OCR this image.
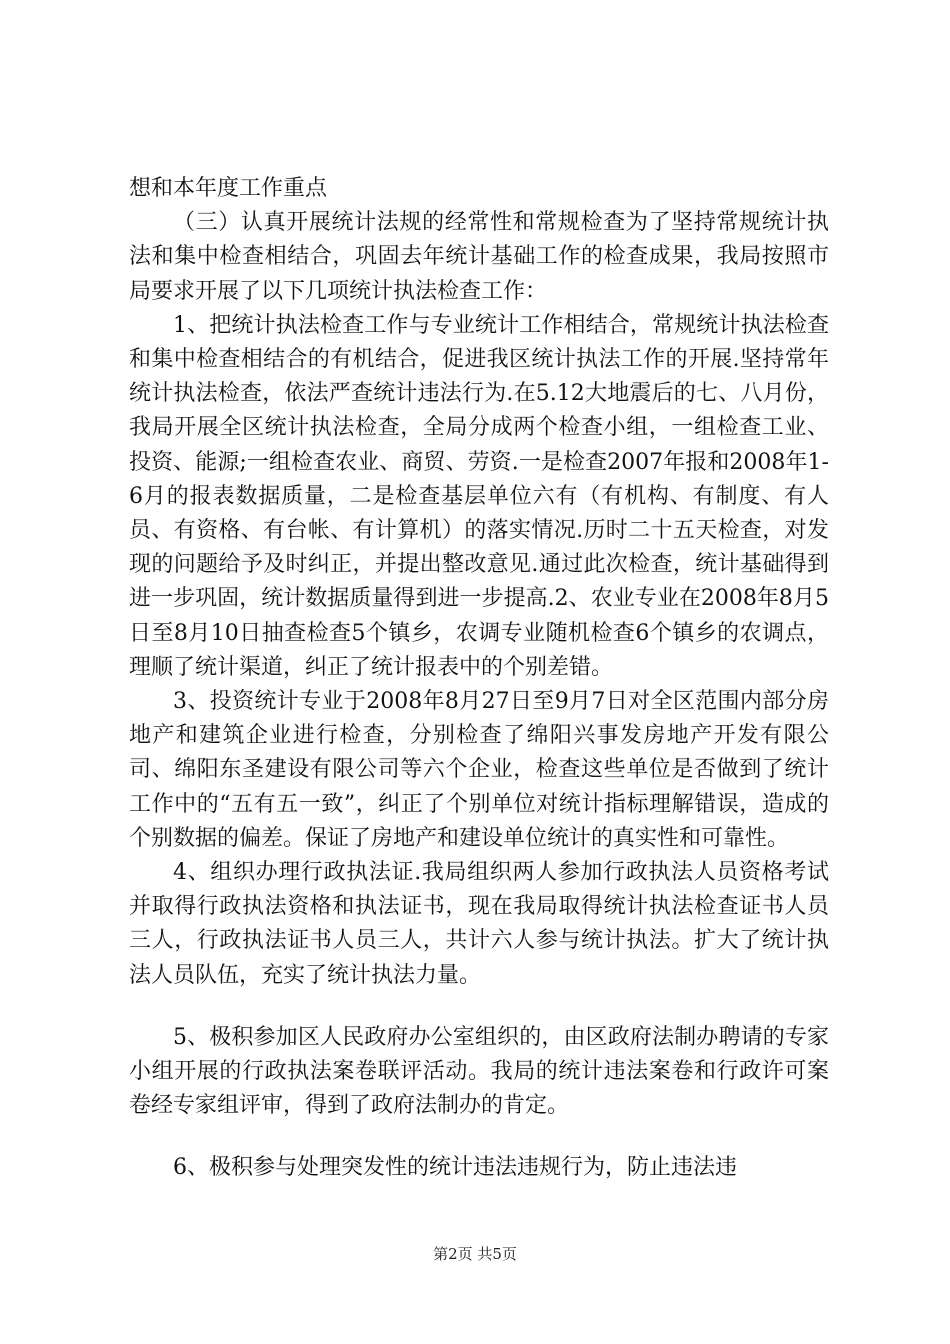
想和本年度工作重点

（三）认真开展统计法规的经常性和常规检查为了坚持常规统计执法和集中检查相结合，巩固去年统计基础工作的检查成果，我局按照市局要求开展了以下几项统计执法检查工作：

1、把统计执法检查工作与专业统计工作相结合，常规统计执法检查和集中检查相结合的有机结合，促进我区统计执法工作的开展.坚持常年统计执法检查，依法严查统计违法行为.在5.12大地震后的七、八月份，我局开展全区统计执法检查，全局分成两个检查小组，一组检查工业、投资、能源;一组检查农业、商贸、劳资.一是检查2007年报和2008年1-6月的报表数据质量，二是检查基层单位六有（有机构、有制度、有人员、有资格、有台帐、有计算机）的落实情况.历时二十五天检查，对发现的问题给予及时纠正，并提出整改意见.通过此次检查，统计基础得到进一步巩固，统计数据质量得到进一步提高.2、农业专业在2008年8月5日至8月10日抽查检查5个镇乡，农调专业随机检查6个镇乡的农调点，理顺了统计渠道，纠正了统计报表中的个别差错。

3、投资统计专业于2008年8月27日至9月7日对全区范围内部分房地产和建筑企业进行检查，分别检查了绵阳兴事发房地产开发有限公司、绵阳东圣建设有限公司等六个企业，检查这些单位是否做到了统计工作中的“五有五一致”，纠正了个别单位对统计指标理解错误，造成的个别数据的偏差。保证了房地产和建设单位统计的真实性和可靠性。

4、组织办理行政执法证.我局组织两人参加行政执法人员资格考试并取得行政执法资格和执法证书，现在我局取得统计执法检查证书人员三人，行政执法证书人员三人，共计六人参与统计执法。扩大了统计执法人员队伍，充实了统计执法力量。

5、极积参加区人民政府办公室组织的，由区政府法制办聘请的专家小组开展的行政执法案卷联评活动。我局的统计违法案卷和行政许可案卷经专家组评审，得到了政府法制办的肯定。

6、极积参与处理突发性的统计违法违规行为，防止违法违

第2页 共5页
